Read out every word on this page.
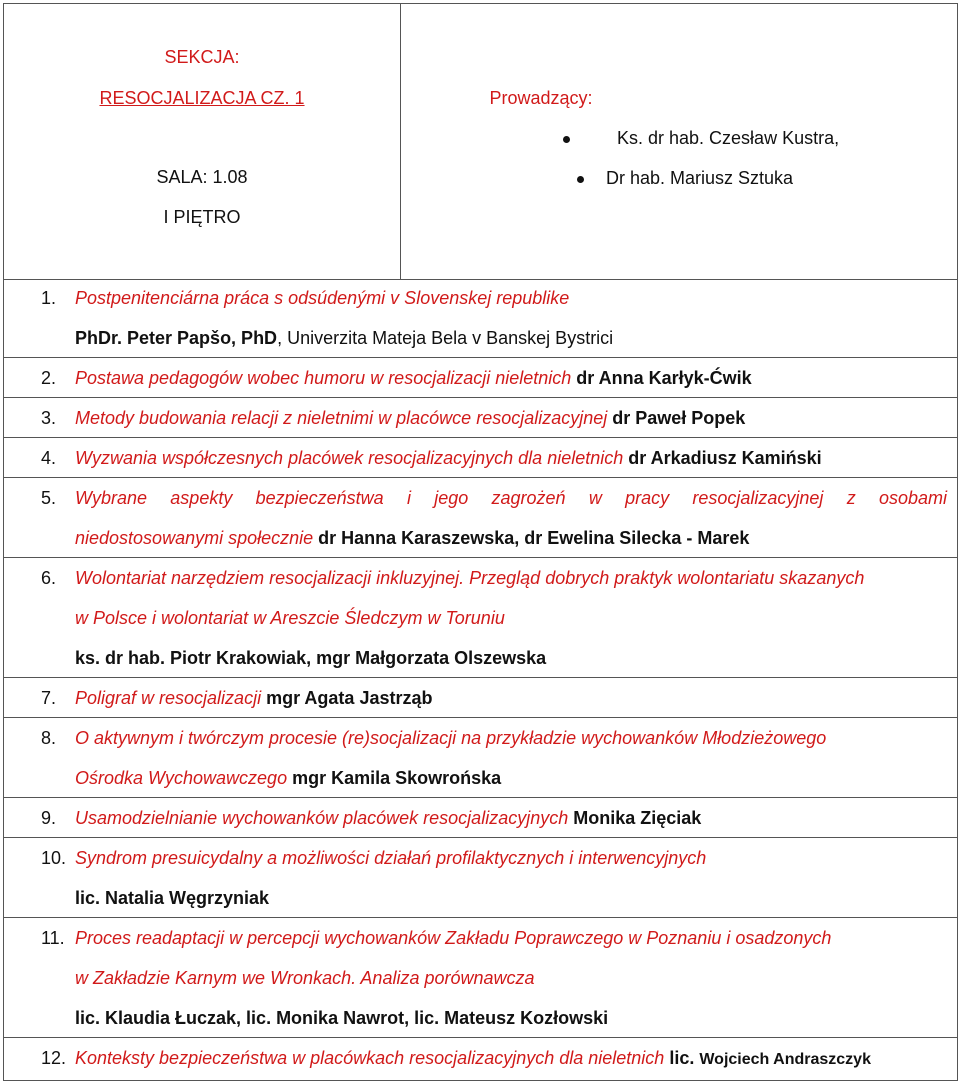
SEKCJA:
RESOCJALIZACJA CZ. 1
SALA: 1.08
I PIĘTRO
Prowadzący:
Ks. dr hab. Czesław Kustra,
Dr hab. Mariusz Sztuka
1. Postpenitenciárna práca s odsúdenými v Slovenskej republike
PhDr. Peter Papšo, PhD, Univerzita Mateja Bela v Banskej Bystrici
2. Postawa pedagogów wobec humoru w resocjalizacji nieletnich dr Anna Karłyk-Ćwik
3. Metody budowania relacji z nieletnimi w placówce resocjalizacyjnej dr Paweł Popek
4. Wyzwania współczesnych placówek resocjalizacyjnych dla nieletnich dr Arkadiusz Kamiński
5. Wybrane aspekty bezpieczeństwa i jego zagrożeń w pracy resocjalizacyjnej z osobami
niedostosowanymi społecznie dr Hanna Karaszewska, dr Ewelina Silecka - Marek
6. Wolontariat narzędziem resocjalizacji inkluzyjnej. Przegląd dobrych praktyk wolontariatu skazanych
w Polsce i wolontariat w Areszcie Śledczym w Toruniu
ks. dr hab. Piotr Krakowiak, mgr Małgorzata Olszewska
7. Poligraf w resocjalizacji mgr Agata Jastrząb
8. O aktywnym i twórczym procesie (re)socjalizacji na przykładzie wychowanków Młodzieżowego
Ośrodka Wychowawczego mgr Kamila Skowrońska
9. Usamodzielnianie wychowanków placówek resocjalizacyjnych Monika Zięciak
10. Syndrom presuicydalny a możliwości działań profilaktycznych i interwencyjnych
lic. Natalia Węgrzyniak
11. Proces readaptacji w percepcji wychowanków Zakładu Poprawczego w Poznaniu i osadzonych
w Zakładzie Karnym we Wronkach. Analiza porównawcza
lic. Klaudia Łuczak, lic. Monika Nawrot, lic. Mateusz Kozłowski
12. Konteksty bezpieczeństwa w placówkach resocjalizacyjnych dla nieletnich lic. Wojciech Andraszczyk
